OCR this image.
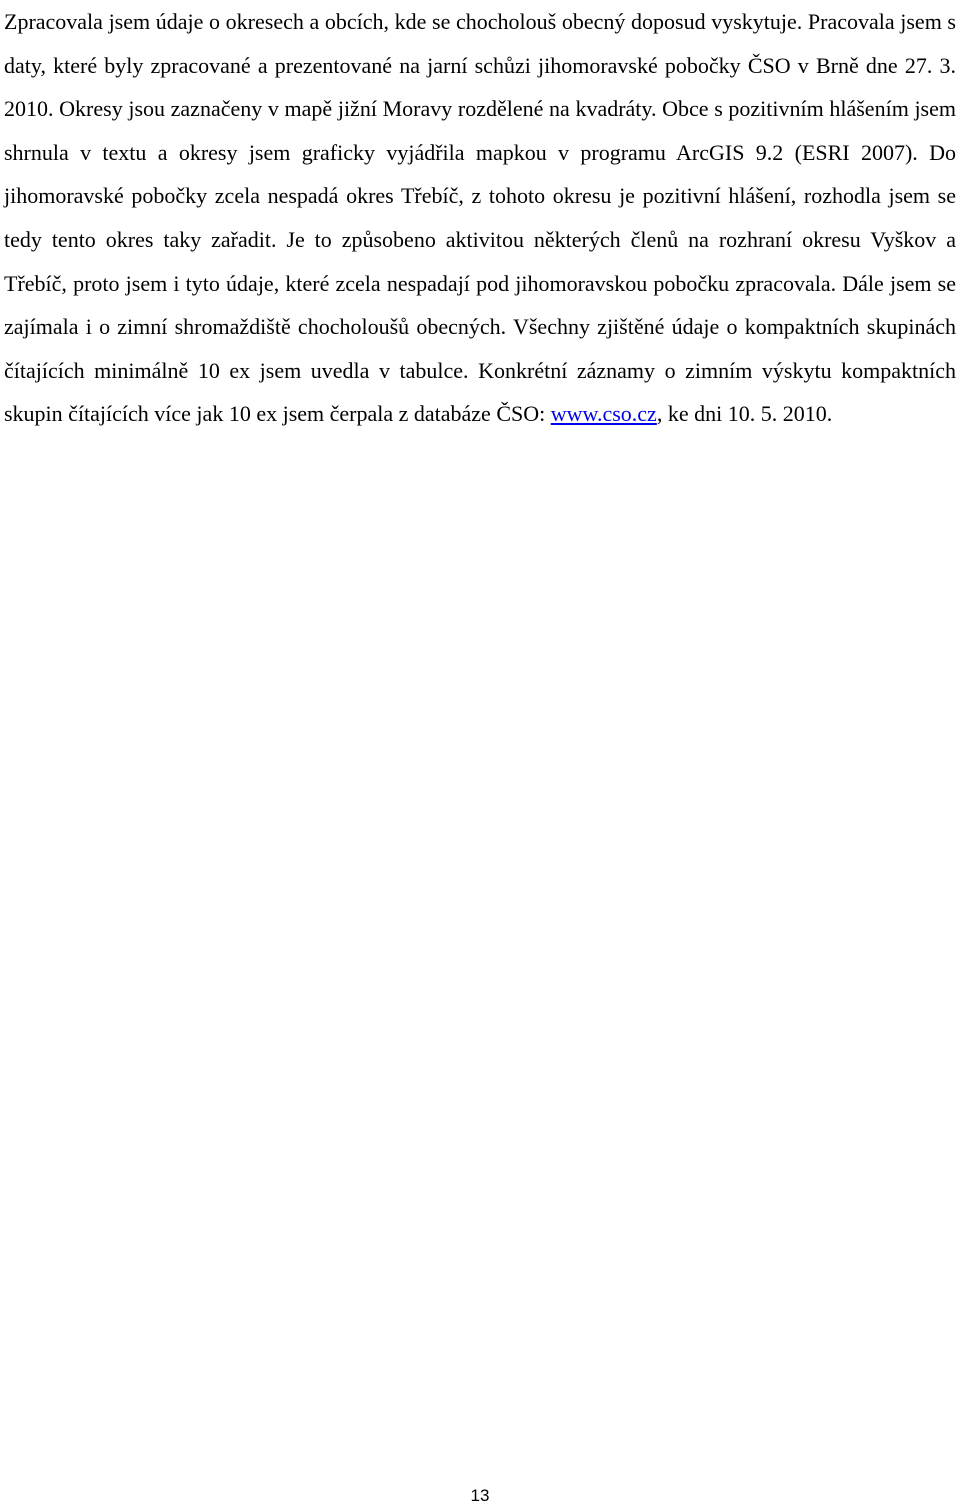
Zpracovala jsem údaje o okresech a obcích, kde se chocholouš obecný doposud vyskytuje. Pracovala jsem s daty, které byly zpracované a prezentované na jarní schůzi jihomoravské pobočky ČSO v Brně dne 27. 3. 2010. Okresy jsou zaznačeny v mapě jižní Moravy rozdělené na kvadráty. Obce s pozitivním hlášením jsem shrnula v textu a okresy jsem graficky vyjádřila mapkou v programu ArcGIS 9.2 (ESRI 2007). Do jihomoravské pobočky zcela nespadá okres Třebíč, z tohoto okresu je pozitivní hlášení, rozhodla jsem se tedy tento okres taky zařadit. Je to způsobeno aktivitou některých členů na rozhraní okresu Vyškov a Třebíč, proto jsem i tyto údaje, které zcela nespadají pod jihomoravskou pobočku zpracovala. Dále jsem se zajímala i o zimní shromaždiště chocholoušů obecných. Všechny zjištěné údaje o kompaktních skupinách čítajících minimálně 10 ex jsem uvedla v tabulce. Konkrétní záznamy o zimním výskytu kompaktních skupin čítajících více jak 10 ex jsem čerpala z databáze ČSO: www.cso.cz, ke dni 10. 5. 2010.

13
